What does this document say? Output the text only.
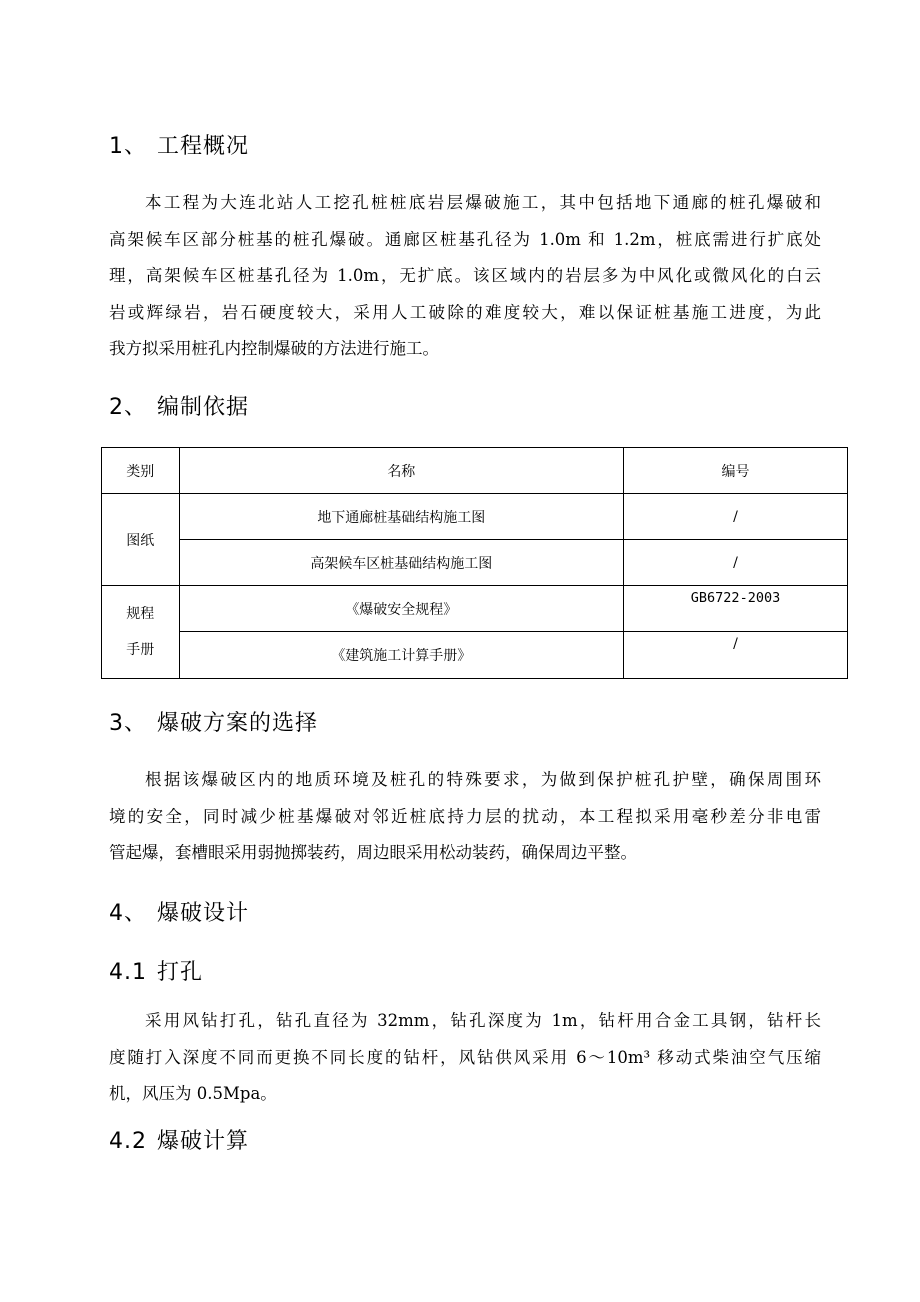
1、 工程概况
本工程为大连北站人工挖孔桩桩底岩层爆破施工，其中包括地下通廊的桩孔爆破和
高架候车区部分桩基的桩孔爆破。通廊区桩基孔径为 1.0m 和 1.2m，桩底需进行扩底处
理，高架候车区桩基孔径为 1.0m，无扩底。该区域内的岩层多为中风化或微风化的白云
岩或辉绿岩，岩石硬度较大，采用人工破除的难度较大，难以保证桩基施工进度，为此
我方拟采用桩孔内控制爆破的方法进行施工。
2、 编制依据
类别	名称	编号
图纸	地下通廊桩基础结构施工图	/
	高架候车区桩基础结构施工图	/
规程
手册	《爆破安全规程》	GB6722-2003
	《建筑施工计算手册》	/
3、 爆破方案的选择
根据该爆破区内的地质环境及桩孔的特殊要求，为做到保护桩孔护壁，确保周围环
境的安全，同时减少桩基爆破对邻近桩底持力层的扰动，本工程拟采用毫秒差分非电雷
管起爆，套槽眼采用弱抛掷装药，周边眼采用松动装药，确保周边平整。
4、 爆破设计
4.1 打孔
采用风钻打孔，钻孔直径为 32mm，钻孔深度为 1m，钻杆用合金工具钢，钻杆长
度随打入深度不同而更换不同长度的钻杆，风钻供风采用 6～10m³ 移动式柴油空气压缩
机，风压为 0.5Mpa。
4.2 爆破计算
